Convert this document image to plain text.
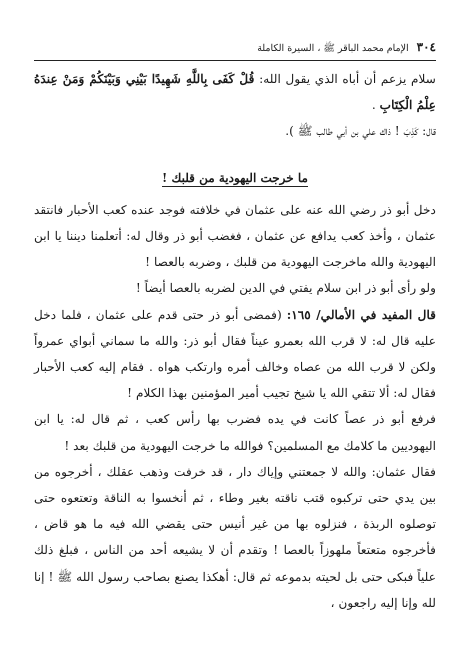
٣٠٤
الإمام محمد الباقر ﷺ ، السيرة الكاملة

سلام يزعم أن أباه الذي يقول الله: قُلْ كَفَى بِاللَّهِ شَهِيدًا بَيْنِي وَبَيْنَكُمْ وَمَنْ عِندَهُ عِلْمُ الْكِتَابِ .

قال: كَذِبَ ! ذاك علي بن أبي طالب ﷺ ).

ما خرجت اليهودية من قلبك !

دخل أبو ذر رضي الله عنه على عثمان في خلافته فوجد عنده كعب الأحبار فانتقد عثمان ، وأخذ كعب يدافع عن عثمان ، فغضب أبو ذر وقال له: أتعلمنا ديننا يا ابن اليهودية والله ماخرجت اليهودية من قلبك ، وضربه بالعصا !

ولو رأى أبو ذر ابن سلام يفتي في الدين لضربه بالعصا أيضاً !

قال المفيد في الأمالي/ ١٦٥: (فمضى أبو ذر حتى قدم على عثمان ، فلما دخل عليه قال له: لا قرب الله بعمرو عيناً فقال أبو ذر: والله ما سماني أبواي عمرواً ولكن لا قرب الله من عصاه وخالف أمره وارتكب هواه . فقام إليه كعب الأحبار فقال له: ألا تتقي الله يا شيخ تجيب أمير المؤمنين بهذا الكلام !

فرفع أبو ذر عصاً كانت في يده فضرب بها رأس كعب ، ثم قال له: يا ابن اليهوديين ما كلامك مع المسلمين؟ فوالله ما خرجت اليهودية من قلبك بعد !

فقال عثمان: والله لا جمعتني وإياك دار ، قد خرفت وذهب عقلك ، أخرجوه من بين يدي حتى تركبوه قتب ناقته بغير وطاء ، ثم أنخسوا به الناقة وتعتعوه حتى توصلوه الربذة ، فنزلوه بها من غير أنيس حتى يقضي الله فيه ما هو قاض ، فأخرجوه متعتعاً ملهوزاً بالعصا ! وتقدم أن لا يشيعه أحد من الناس ، فبلغ ذلك علياً فبكى حتى بل لحيته بدموعه ثم قال: أهكذا يصنع بصاحب رسول الله ﷺ ! إنا لله وإنا إليه راجعون ،
